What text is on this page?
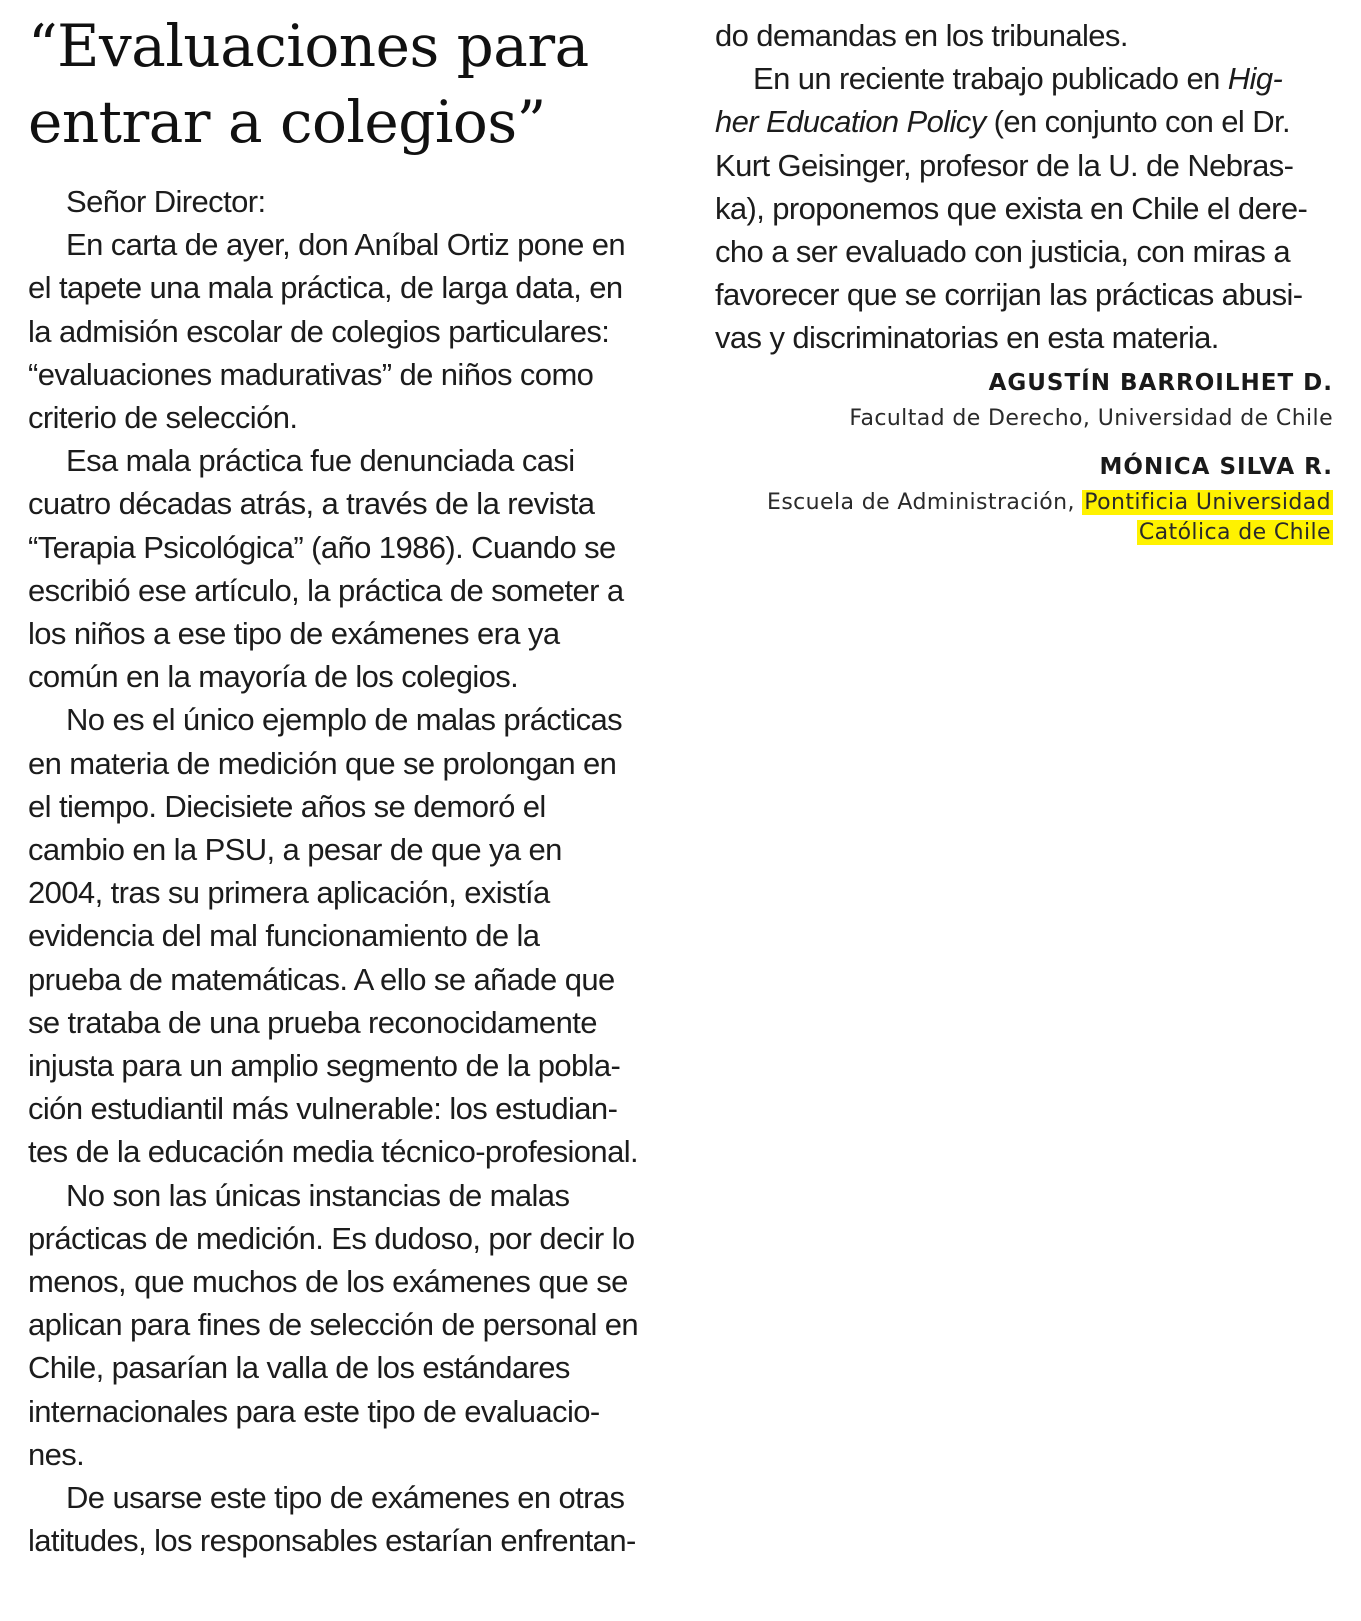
“Evaluaciones para
entrar a colegios”
Señor Director:
En carta de ayer, don Aníbal Ortiz pone en
el tapete una mala práctica, de larga data, en
la admisión escolar de colegios particulares:
“evaluaciones madurativas” de niños como
criterio de selección.
Esa mala práctica fue denunciada casi
cuatro décadas atrás, a través de la revista
“Terapia Psicológica” (año 1986). Cuando se
escribió ese artículo, la práctica de someter a
los niños a ese tipo de exámenes era ya
común en la mayoría de los colegios.
No es el único ejemplo de malas prácticas
en materia de medición que se prolongan en
el tiempo. Diecisiete años se demoró el
cambio en la PSU, a pesar de que ya en
2004, tras su primera aplicación, existía
evidencia del mal funcionamiento de la
prueba de matemáticas. A ello se añade que
se trataba de una prueba reconocidamente
injusta para un amplio segmento de la pobla-
ción estudiantil más vulnerable: los estudian-
tes de la educación media técnico-profesional.
No son las únicas instancias de malas
prácticas de medición. Es dudoso, por decir lo
menos, que muchos de los exámenes que se
aplican para fines de selección de personal en
Chile, pasarían la valla de los estándares
internacionales para este tipo de evaluacio-
nes.
De usarse este tipo de exámenes en otras
latitudes, los responsables estarían enfrentan-
do demandas en los tribunales.
En un reciente trabajo publicado en Hig-
her Education Policy (en conjunto con el Dr.
Kurt Geisinger, profesor de la U. de Nebras-
ka), proponemos que exista en Chile el dere-
cho a ser evaluado con justicia, con miras a
favorecer que se corrijan las prácticas abusi-
vas y discriminatorias en esta materia.
AGUSTÍN BARROILHET D.
Facultad de Derecho, Universidad de Chile
MÓNICA SILVA R.
Escuela de Administración, Pontificia Universidad
Católica de Chile
